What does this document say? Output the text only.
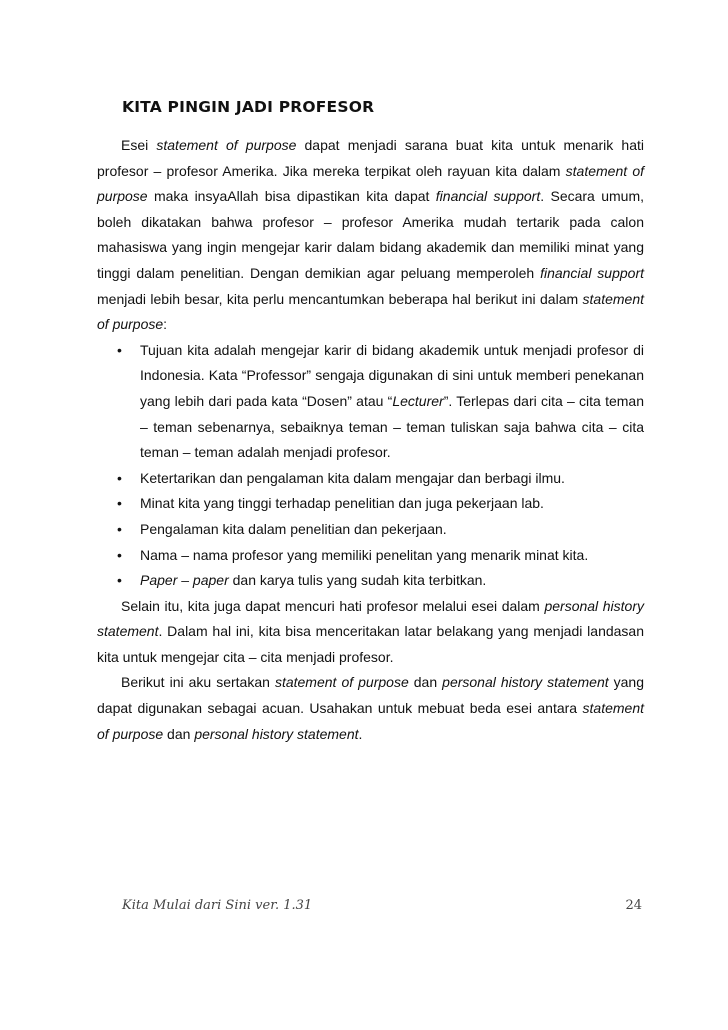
KITA PINGIN JADI PROFESOR

Esei statement of purpose dapat menjadi sarana buat kita untuk menarik hati profesor – profesor Amerika. Jika mereka terpikat oleh rayuan kita dalam statement of purpose maka insyaAllah bisa dipastikan kita dapat financial support. Secara umum, boleh dikatakan bahwa profesor – profesor Amerika mudah tertarik pada calon mahasiswa yang ingin mengejar karir dalam bidang akademik dan memiliki minat yang tinggi dalam penelitian. Dengan demikian agar peluang memperoleh financial support menjadi lebih besar, kita perlu mencantumkan beberapa hal berikut ini dalam statement of purpose:

• Tujuan kita adalah mengejar karir di bidang akademik untuk menjadi profesor di Indonesia. Kata “Professor” sengaja digunakan di sini untuk memberi penekanan yang lebih dari pada kata “Dosen” atau “Lecturer”. Terlepas dari cita – cita teman – teman sebenarnya, sebaiknya teman – teman tuliskan saja bahwa cita – cita teman – teman adalah menjadi profesor.
• Ketertarikan dan pengalaman kita dalam mengajar dan berbagi ilmu.
• Minat kita yang tinggi terhadap penelitian dan juga pekerjaan lab.
• Pengalaman kita dalam penelitian dan pekerjaan.
• Nama – nama profesor yang memiliki penelitan yang menarik minat kita.
• Paper – paper dan karya tulis yang sudah kita terbitkan.

Selain itu, kita juga dapat mencuri hati profesor melalui esei dalam personal history statement. Dalam hal ini, kita bisa menceritakan latar belakang yang menjadi landasan kita untuk mengejar cita – cita menjadi profesor.

Berikut ini aku sertakan statement of purpose dan personal history statement yang dapat digunakan sebagai acuan. Usahakan untuk mebuat beda esei antara statement of purpose dan personal history statement.

Kita Mulai dari Sini ver. 1.31	24
